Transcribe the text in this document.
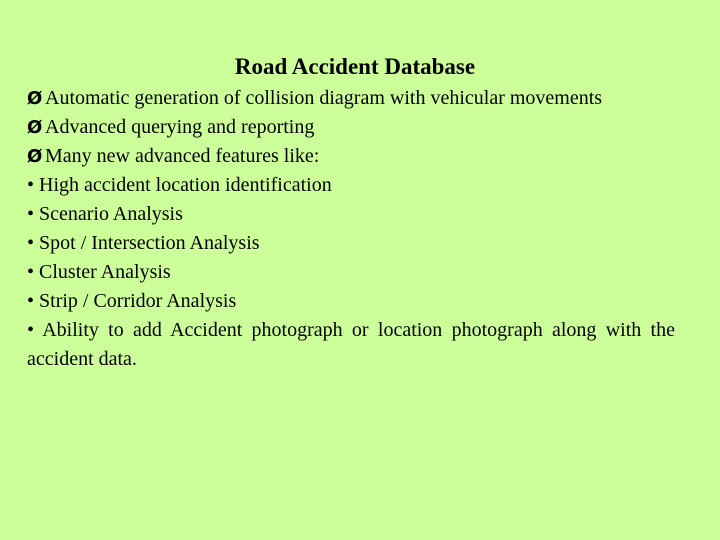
Road Accident Database
Ø Automatic generation of collision diagram with vehicular movements
Ø Advanced querying and reporting
Ø Many new advanced features like:
• High accident location identification
• Scenario Analysis
• Spot / Intersection Analysis
• Cluster Analysis
• Strip / Corridor Analysis
• Ability to add Accident photograph or location photograph along with the accident data.
